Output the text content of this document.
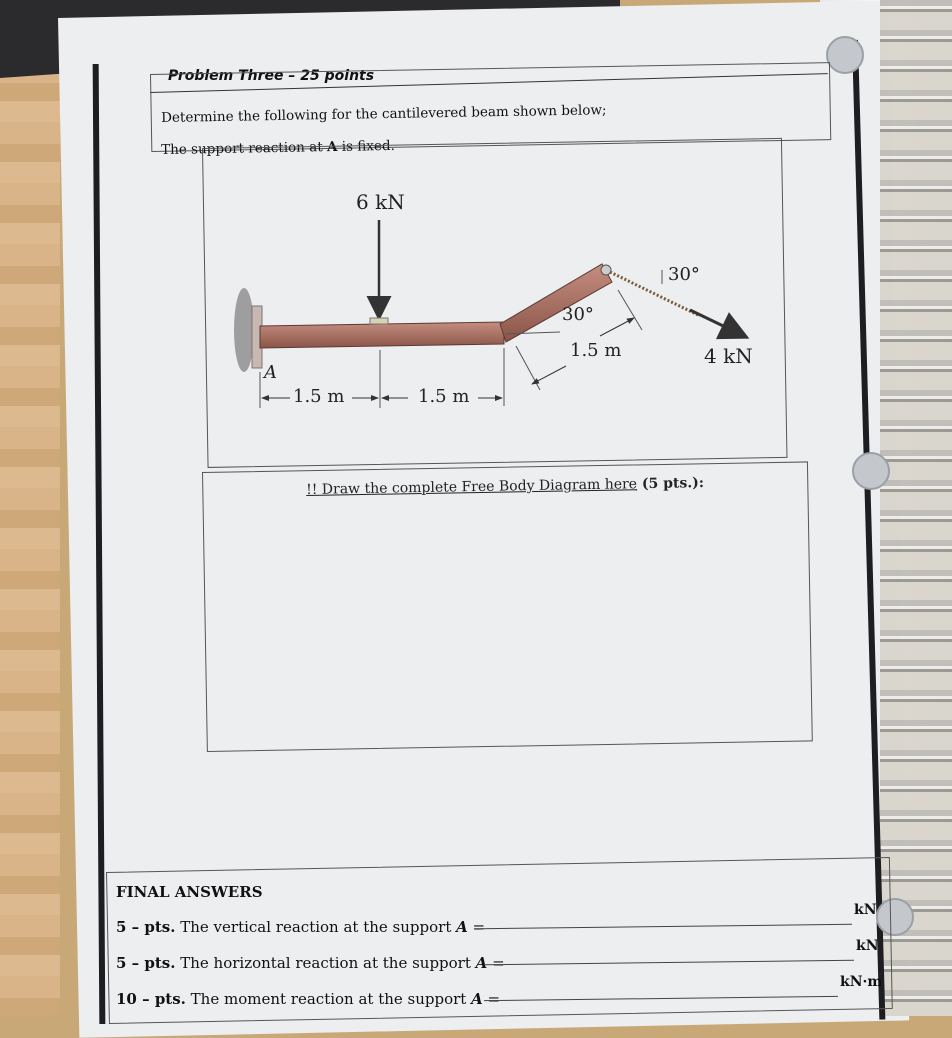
Problem Three – 25 points
Determine the following for the cantilevered beam shown below;
The support reaction at A is fixed.
6 kN
4 kN
30°
30°
1.5 m
1.5 m	1.5 m
A
!! Draw the complete Free Body Diagram here (5 pts.):
FINAL ANSWERS
5 – pts. The vertical reaction at the support A =
kN
5 – pts. The horizontal reaction at the support A =
kN
10 – pts. The moment reaction at the support A =
kN·m
